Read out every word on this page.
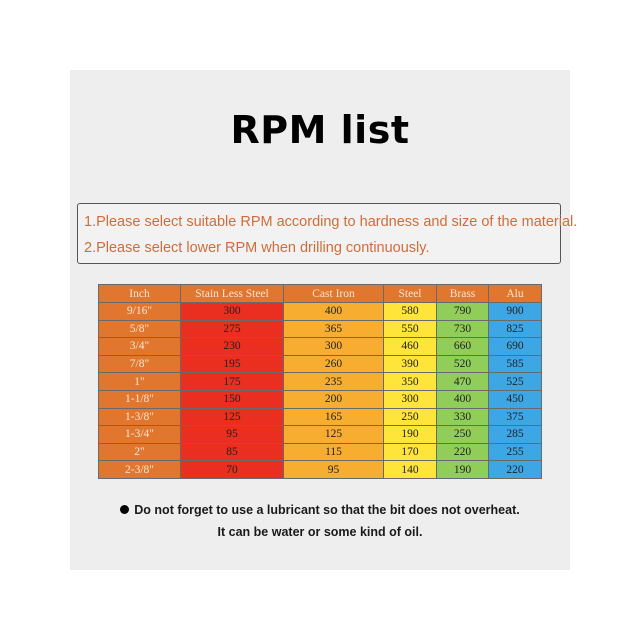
RPM list
1.Please select suitable RPM according to hardness and size of the material.
2.Please select lower RPM when drilling continuously.
Inch	Stain Less Steel	Cast Iron	Steel	Brass	Alu
9/16"	300	400	580	790	900
5/8"	275	365	550	730	825
3/4"	230	300	460	660	690
7/8"	195	260	390	520	585
1"	175	235	350	470	525
1-1/8"	150	200	300	400	450
1-3/8"	125	165	250	330	375
1-3/4"	95	125	190	250	285
2"	85	115	170	220	255
2-3/8"	70	95	140	190	220
Do not forget to use a lubricant so that the bit does not overheat.
It can be water or some kind of oil.
